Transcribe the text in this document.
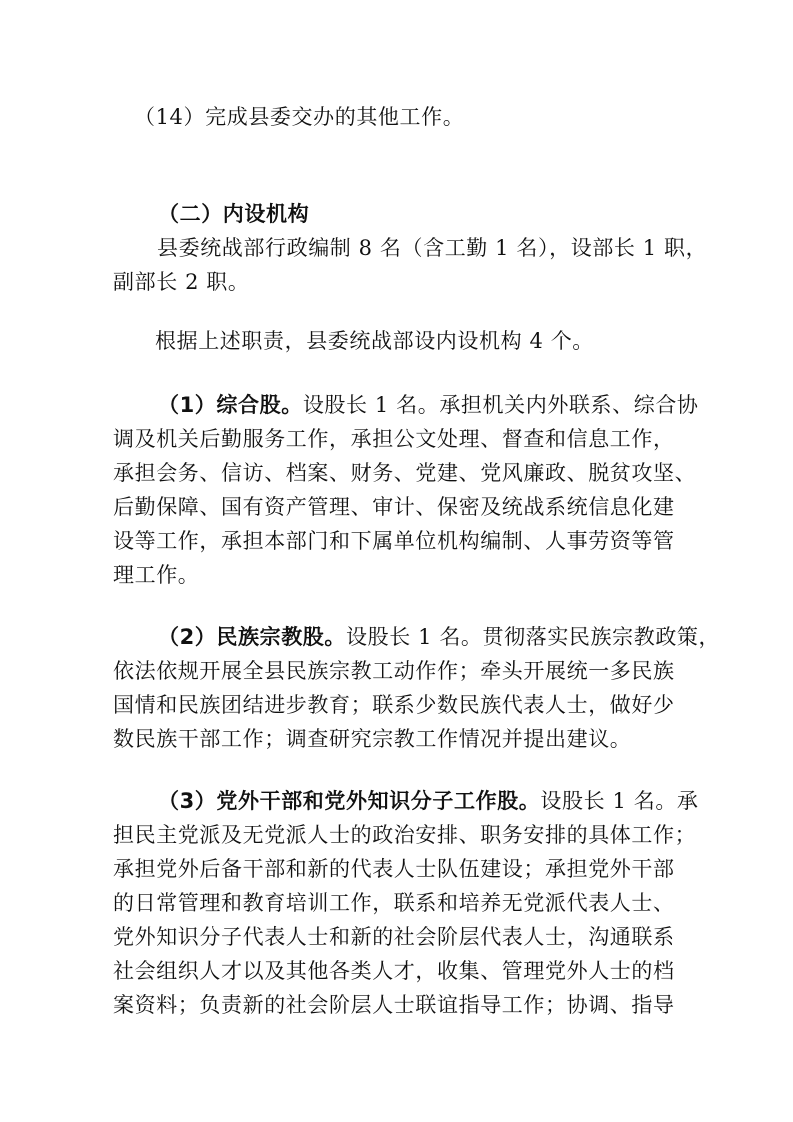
（14）完成县委交办的其他工作。
（二）内设机构
县委统战部行政编制 8 名（含工勤 1 名），设部长 1 职，
副部长 2 职。
根据上述职责，县委统战部设内设机构 4 个。
（1）综合股。设股长 1 名。承担机关内外联系、综合协
调及机关后勤服务工作，承担公文处理、督查和信息工作，
承担会务、信访、档案、财务、党建、党风廉政、脱贫攻坚、
后勤保障、国有资产管理、审计、保密及统战系统信息化建
设等工作，承担本部门和下属单位机构编制、人事劳资等管
理工作。
（2）民族宗教股。设股长 1 名。贯彻落实民族宗教政策，
依法依规开展全县民族宗教工动作作；牵头开展统一多民族
国情和民族团结进步教育；联系少数民族代表人士，做好少
数民族干部工作；调查研究宗教工作情况并提出建议。
（3）党外干部和党外知识分子工作股。设股长 1 名。承
担民主党派及无党派人士的政治安排、职务安排的具体工作；
承担党外后备干部和新的代表人士队伍建设；承担党外干部
的日常管理和教育培训工作，联系和培养无党派代表人士、
党外知识分子代表人士和新的社会阶层代表人士，沟通联系
社会组织人才以及其他各类人才，收集、管理党外人士的档
案资料；负责新的社会阶层人士联谊指导工作；协调、指导
